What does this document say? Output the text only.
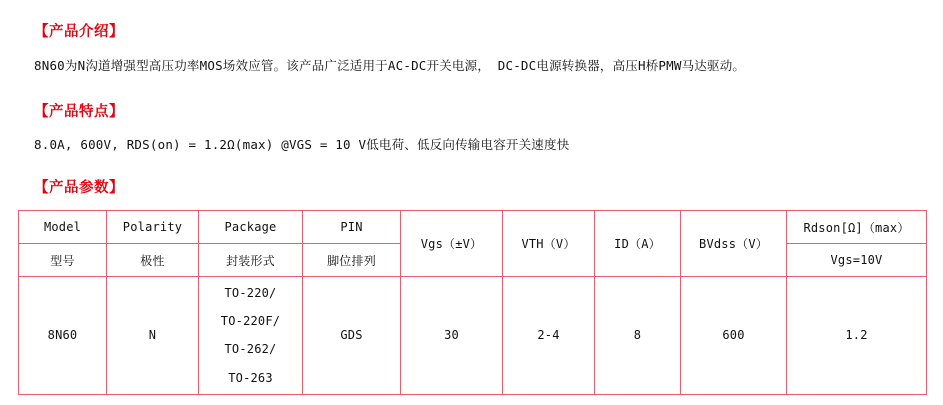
【产品介绍】
8N60为N沟道增强型高压功率MOS场效应管。该产品广泛适用于AC-DC开关电源， DC-DC电源转换器，高压H桥PMW马达驱动。
【产品特点】
8.0A, 600V, RDS(on) = 1.2Ω(max) @VGS = 10 V低电荷、低反向传输电容开关速度快
【产品参数】
Model	Polarity	Package	PIN	Vgs（±V）	VTH（V）	ID（A）	BVdss（V）	Rdson[Ω]（max）
型号	极性	封装形式	脚位排列					Vgs=10V
8N60	N	TO-220/
TO-220F/
TO-262/
TO-263	GDS	30	2-4	8	600	1.2
